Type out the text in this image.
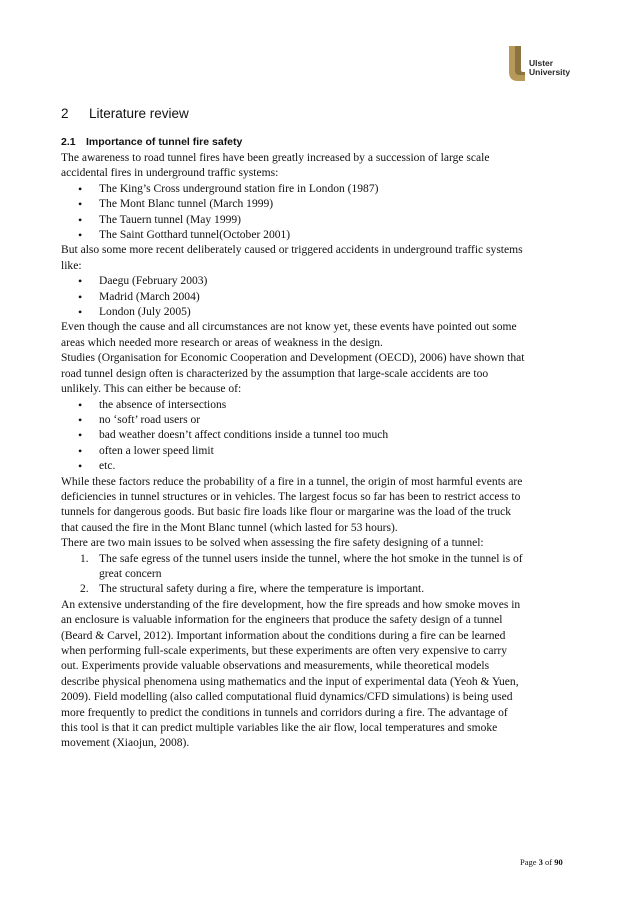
Ulster
University
2 Literature review
2.1 Importance of tunnel fire safety

The awareness to road tunnel fires have been greatly increased by a succession of large scale

accidental fires in underground traffic systems:

• The King’s Cross underground station fire in London (1987)
• The Mont Blanc tunnel (March 1999)
• The Tauern tunnel (May 1999)
• The Saint Gotthard tunnel(October 2001)

But also some more recent deliberately caused or triggered accidents in underground traffic systems

like:

• Daegu (February 2003)
• Madrid (March 2004)
• London (July 2005)

Even though the cause and all circumstances are not know yet, these events have pointed out some

areas which needed more research or areas of weakness in the design.

Studies (Organisation for Economic Cooperation and Development (OECD), 2006) have shown that

road tunnel design often is characterized by the assumption that large-scale accidents are too

unlikely. This can either be because of:

• the absence of intersections
• no ‘soft’ road users or
• bad weather doesn’t affect conditions inside a tunnel too much
• often a lower speed limit
• etc.

While these factors reduce the probability of a fire in a tunnel, the origin of most harmful events are

deficiencies in tunnel structures or in vehicles. The largest focus so far has been to restrict access to

tunnels for dangerous goods. But basic fire loads like flour or margarine was the load of the truck

that caused the fire in the Mont Blanc tunnel (which lasted for 53 hours).

There are two main issues to be solved when assessing the fire safety designing of a tunnel:

1. The safe egress of the tunnel users inside the tunnel, where the hot smoke in the tunnel is of
great concern
2. The structural safety during a fire, where the temperature is important.

An extensive understanding of the fire development, how the fire spreads and how smoke moves in

an enclosure is valuable information for the engineers that produce the safety design of a tunnel

(Beard & Carvel, 2012). Important information about the conditions during a fire can be learned

when performing full-scale experiments, but these experiments are often very expensive to carry

out. Experiments provide valuable observations and measurements, while theoretical models

describe physical phenomena using mathematics and the input of experimental data (Yeoh & Yuen,

2009). Field modelling (also called computational fluid dynamics/CFD simulations) is being used

more frequently to predict the conditions in tunnels and corridors during a fire. The advantage of

this tool is that it can predict multiple variables like the air flow, local temperatures and smoke

movement (Xiaojun, 2008).

Page 3 of 90
